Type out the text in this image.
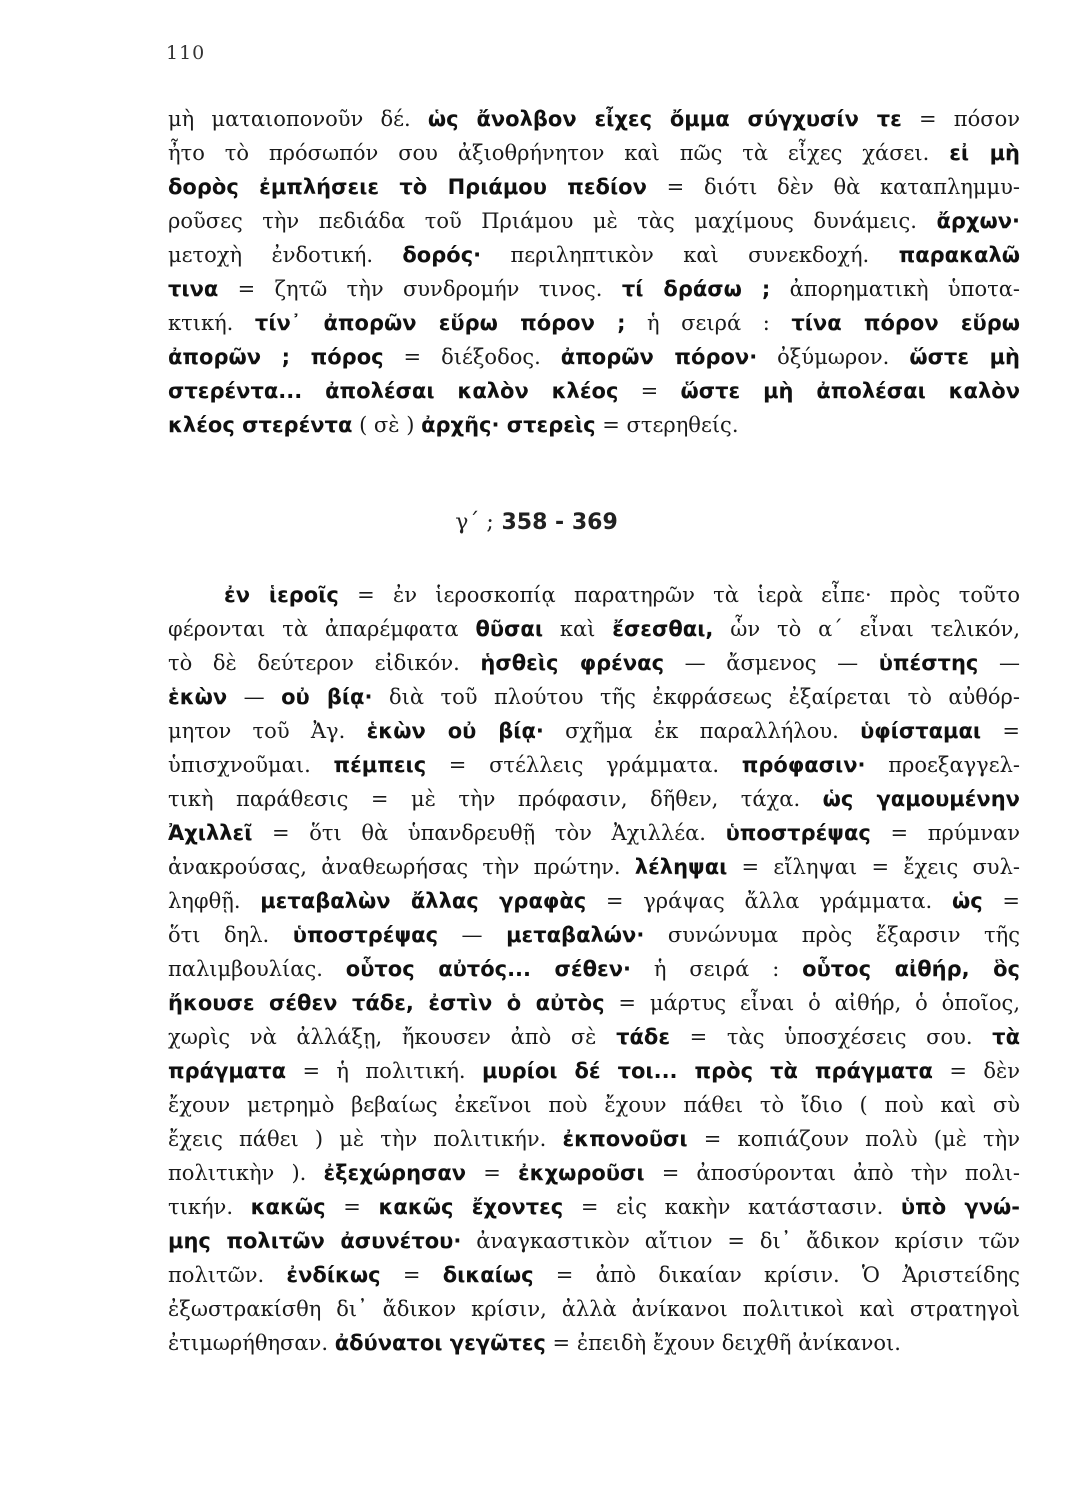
110
μὴ ματαιοπονοῦν δέ. ὡς ἄνολβον εἶχες ὄμμα σύγχυσίν τε = πόσον
ἦτο τὸ πρόσωπόν σου ἀξιοθρήνητον καὶ πῶς τὰ εἶχες χάσει. εἰ μὴ
δορὸς ἐμπλήσειε τὸ Πριάμου πεδίον = διότι δὲν θὰ καταπλημμυ-
ροῦσες τὴν πεδιάδα τοῦ Πριάμου μὲ τὰς μαχίμους δυνάμεις. ἄρχων·
μετοχὴ ἐνδοτική. δορός· περιληπτικὸν καὶ συνεκδοχή. παρακαλῶ
τινα = ζητῶ τὴν συνδρομήν τινος. τί δράσω ; ἀπορηματικὴ ὑποτα-
κτική. τίν᾽ ἀπορῶν εὕρω πόρον ; ἡ σειρά : τίνα πόρον εὕρω
ἀπορῶν ; πόρος = διέξοδος. ἀπορῶν πόρον· ὀξύμωρον. ὥστε μὴ
στερέντα... ἀπολέσαι καλὸν κλέος = ὥστε μὴ ἀπολέσαι καλὸν
κλέος στερέντα ( σὲ ) ἀρχῆς· στερεὶς = στερηθείς.
γ΄ ; 358 - 369
ἐν ἱεροῖς = ἐν ἱεροσκοπίᾳ παρατηρῶν τὰ ἱερὰ εἶπε· πρὸς τοῦτο
φέρονται τὰ ἀπαρέμφατα θῦσαι καὶ ἔσεσθαι, ὧν τὸ α΄ εἶναι τελικόν,
τὸ δὲ δεύτερον εἰδικόν. ἡσθεὶς φρένας — ἄσμενος — ὑπέστης —
ἑκὼν — οὐ βίᾳ· διὰ τοῦ πλούτου τῆς ἐκφράσεως ἐξαίρεται τὸ αὐθόρ-
μητον τοῦ Ἀγ. ἑκὼν οὐ βίᾳ· σχῆμα ἐκ παραλλήλου. ὑφίσταμαι =
ὑπισχνοῦμαι. πέμπεις = στέλλεις γράμματα. πρόφασιν· προεξαγγελ-
τικὴ παράθεσις = μὲ τὴν πρόφασιν, δῆθεν, τάχα. ὡς γαμουμένην
Ἀχιλλεῖ = ὅτι θὰ ὑπανδρευθῇ τὸν Ἀχιλλέα. ὑποστρέψας = πρύμναν
ἀνακρούσας, ἀναθεωρήσας τὴν πρώτην. λέληψαι = εἴληψαι = ἔχεις συλ-
ληφθῇ. μεταβαλὼν ἄλλας γραφὰς = γράψας ἄλλα γράμματα. ὡς =
ὅτι δηλ. ὑποστρέψας — μεταβαλών· συνώνυμα πρὸς ἔξαρσιν τῆς
παλιμβουλίας. οὗτος αὐτός... σέθεν· ἡ σειρά : οὗτος αἰθήρ, ὃς
ἤκουσε σέθεν τάδε, ἐστὶν ὁ αὐτὸς = μάρτυς εἶναι ὁ αἰθήρ, ὁ ὁποῖος,
χωρὶς νὰ ἀλλάξῃ, ἤκουσεν ἀπὸ σὲ τάδε = τὰς ὑποσχέσεις σου. τὰ
πράγματα = ἡ πολιτική. μυρίοι δέ τοι... πρὸς τὰ πράγματα = δὲν
ἔχουν μετρημὸ βεβαίως ἐκεῖνοι ποὺ ἔχουν πάθει τὸ ἴδιο ( ποὺ καὶ σὺ
ἔχεις πάθει ) μὲ τὴν πολιτικήν. ἐκπονοῦσι = κοπιάζουν πολὺ (μὲ τὴν
πολιτικὴν ). ἐξεχώρησαν = ἐκχωροῦσι = ἀποσύρονται ἀπὸ τὴν πολι-
τικήν. κακῶς = κακῶς ἔχοντες = εἰς κακὴν κατάστασιν. ὑπὸ γνώ-
μης πολιτῶν ἀσυνέτου· ἀναγκαστικὸν αἴτιον = δι᾽ ἄδικον κρίσιν τῶν
πολιτῶν. ἐνδίκως = δικαίως = ἀπὸ δικαίαν κρίσιν. Ὁ Ἀριστείδης
ἐξωστρακίσθη δι᾽ ἄδικον κρίσιν, ἀλλὰ ἀνίκανοι πολιτικοὶ καὶ στρατηγοὶ
ἐτιμωρήθησαν. ἀδύνατοι γεγῶτες = ἐπειδὴ ἔχουν δειχθῆ ἀνίκανοι.
